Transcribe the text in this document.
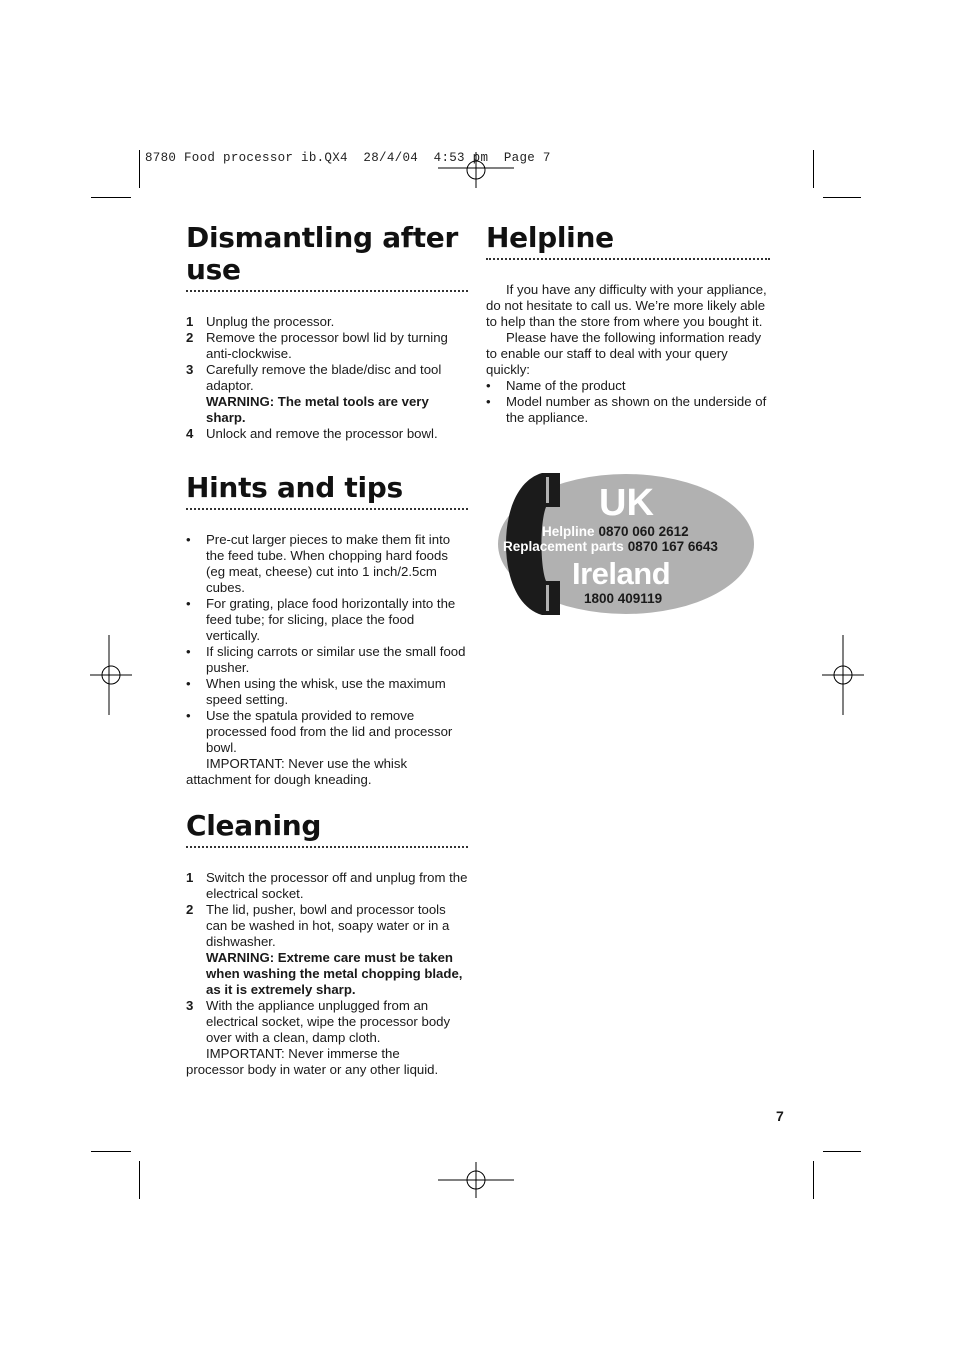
8780 Food processor ib.QX4  28/4/04  4:53 pm  Page 7
Dismantling after use
1 Unplug the processor.
2 Remove the processor bowl lid by turning anti-clockwise.
3 Carefully remove the blade/disc and tool adaptor.
WARNING: The metal tools are very sharp.
4 Unlock and remove the processor bowl.
Hints and tips
• Pre-cut larger pieces to make them fit into the feed tube. When chopping hard foods (eg meat, cheese) cut into 1 inch/2.5cm cubes.
• For grating, place food horizontally into the feed tube; for slicing, place the food vertically.
• If slicing carrots or similar use the small food pusher.
• When using the whisk, use the maximum speed setting.
• Use the spatula provided to remove processed food from the lid and processor bowl.
IMPORTANT: Never use the whisk
attachment for dough kneading.
Cleaning
1 Switch the processor off and unplug from the electrical socket.
2 The lid, pusher, bowl and processor tools can be washed in hot, soapy water or in a dishwasher.
WARNING: Extreme care must be taken when washing the metal chopping blade, as it is extremely sharp.
3 With the appliance unplugged from an electrical socket, wipe the processor body over with a clean, damp cloth.
IMPORTANT: Never immerse the
processor body in water or any other liquid.
Helpline

If you have any difficulty with your appliance, do not hesitate to call us. We’re more likely able to help than the store from where you bought it.

Please have the following information ready to enable our staff to deal with your query quickly:

• Name of the product
• Model number as shown on the underside of the appliance.
UK
Helpline 0870 060 2612
Replacement parts 0870 167 6643
Ireland
1800 409119
7
